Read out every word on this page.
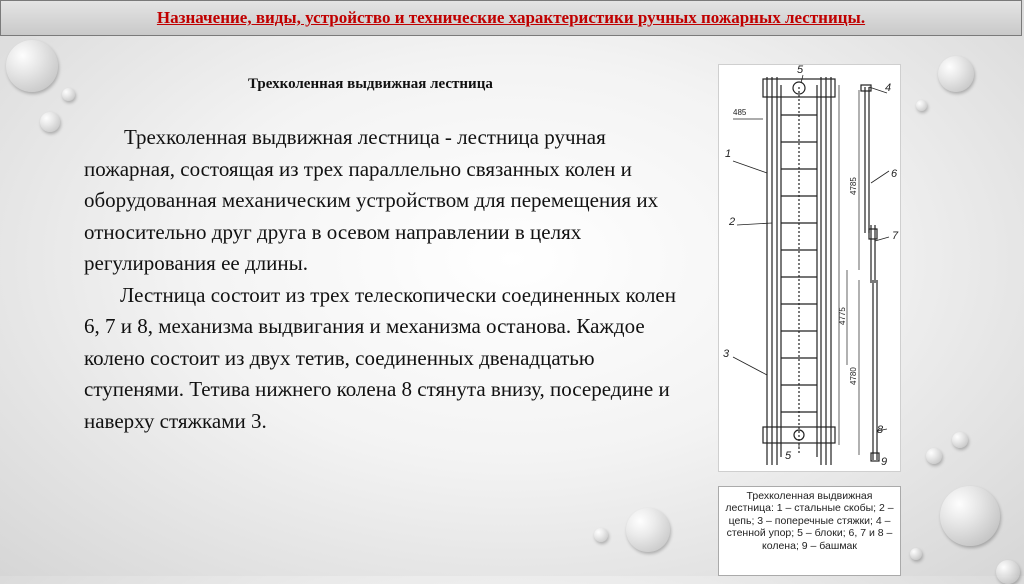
Назначение, виды, устройство и технические характеристики ручных пожарных лестницы.
Трехколенная выдвижная лестница

Трехколенная выдвижная лестница - лестница ручная пожарная, состоящая из трех параллельно связанных колен и оборудованная механическим устройством для перемещения их относительно друг друга в осевом направлении в целях регулирования ее длины.

Лестница состоит из трех телескопически соединенных колен 6, 7 и 8, механизма выдвигания и механизма останова. Каждое колено состоит из двух тетив, соединенных двенадцатью ступенями. Тетива нижнего колена 8 стянута внизу, посередине и наверху стяжками 3.

5
4
1
6
2
7
3
8
5	9
485
4785
4775
4780
Трехколенная выдвижная лестница: 1 – стальные скобы; 2 – цепь; 3 – поперечные стяжки; 4 – стенной упор; 5 – блоки; 6, 7 и 8 – колена; 9 – башмак
